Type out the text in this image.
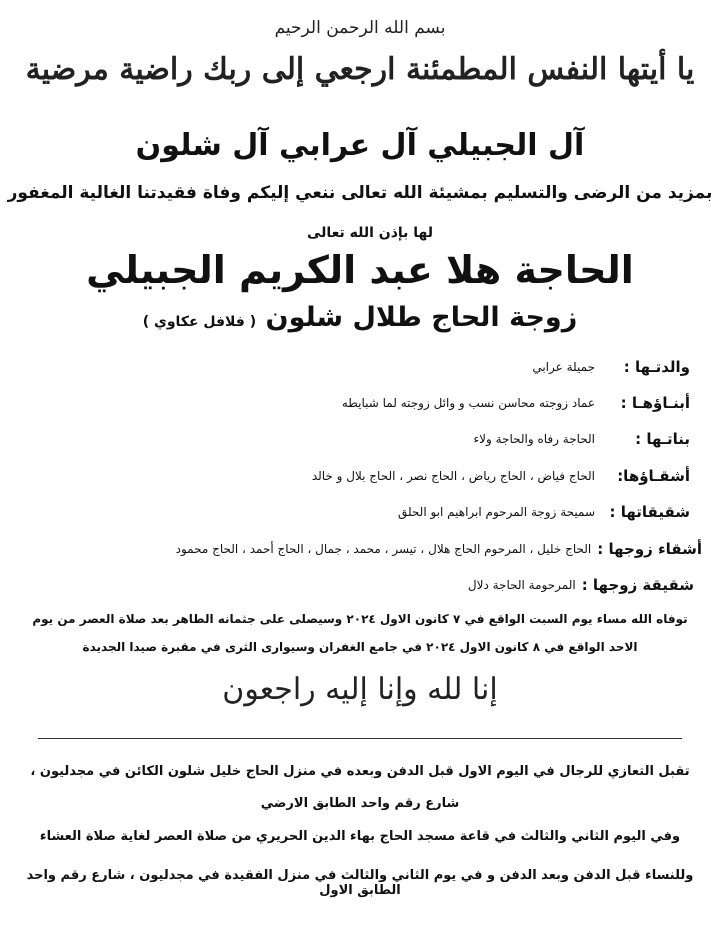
بسم الله الرحمن الرحيم
يا أيتها النفس المطمئنة ارجعي إلى ربك راضية مرضية
آل الجبيلي آل عرابي آل شلون
بمزيد من الرضى والتسليم بمشيئة الله تعالى ننعي إليكم وفاة فقيدتنا الغالية المغفور
لها بإذن الله تعالى
الحاجة هلا عبد الكريم الجبيلي
زوجة الحاج طلال شلون ( فلافل عكاوي )
والدتـها :
جميلة عرابي
أبنـاؤهـا :
عماد زوجته محاسن نسب و وائل زوجته لما شبايطه
بناتـها :
الحاجة رفاه والحاجة ولاء
أشقـاؤها:
الحاج فياض ، الحاج رياض ، الحاج نصر ، الحاج بلال و خالد
شقيقاتها :
سميحة زوجة المرحوم ابراهيم ابو الحلق
أشقاء زوجها :
الحاج خليل ، المرحوم الحاج هلال ، تيسر ، محمد ، جمال ، الحاج أحمد ، الحاج محمود
شقيقة زوجها :
المرحومة الحاجة دلال
توفاه الله مساء يوم السبت الواقع في ٧ كانون الاول ٢٠٢٤ وسيصلى على جثمانه الطاهر بعد صلاة العصر من يوم
الاحد الواقع في ٨ كانون الاول ٢٠٢٤ في جامع الغفران وسيوارى الثرى في مقبرة صيدا الجديدة
إنا لله وإنا إليه راجعون
تقبل التعازي للرجال في اليوم الاول قبل الدفن وبعده في منزل الحاج خليل شلون الكائن في مجدليون ،
شارع رقم واحد الطابق الارضي
وفي اليوم الثاني والثالث في قاعة مسجد الحاج بهاء الدين الحريري من صلاة العصر لغاية صلاة العشاء
وللنساء قبل الدفن وبعد الدفن و في يوم الثاني والثالث في منزل الفقيدة في مجدليون ، شارع رقم واحد الطابق الاول
